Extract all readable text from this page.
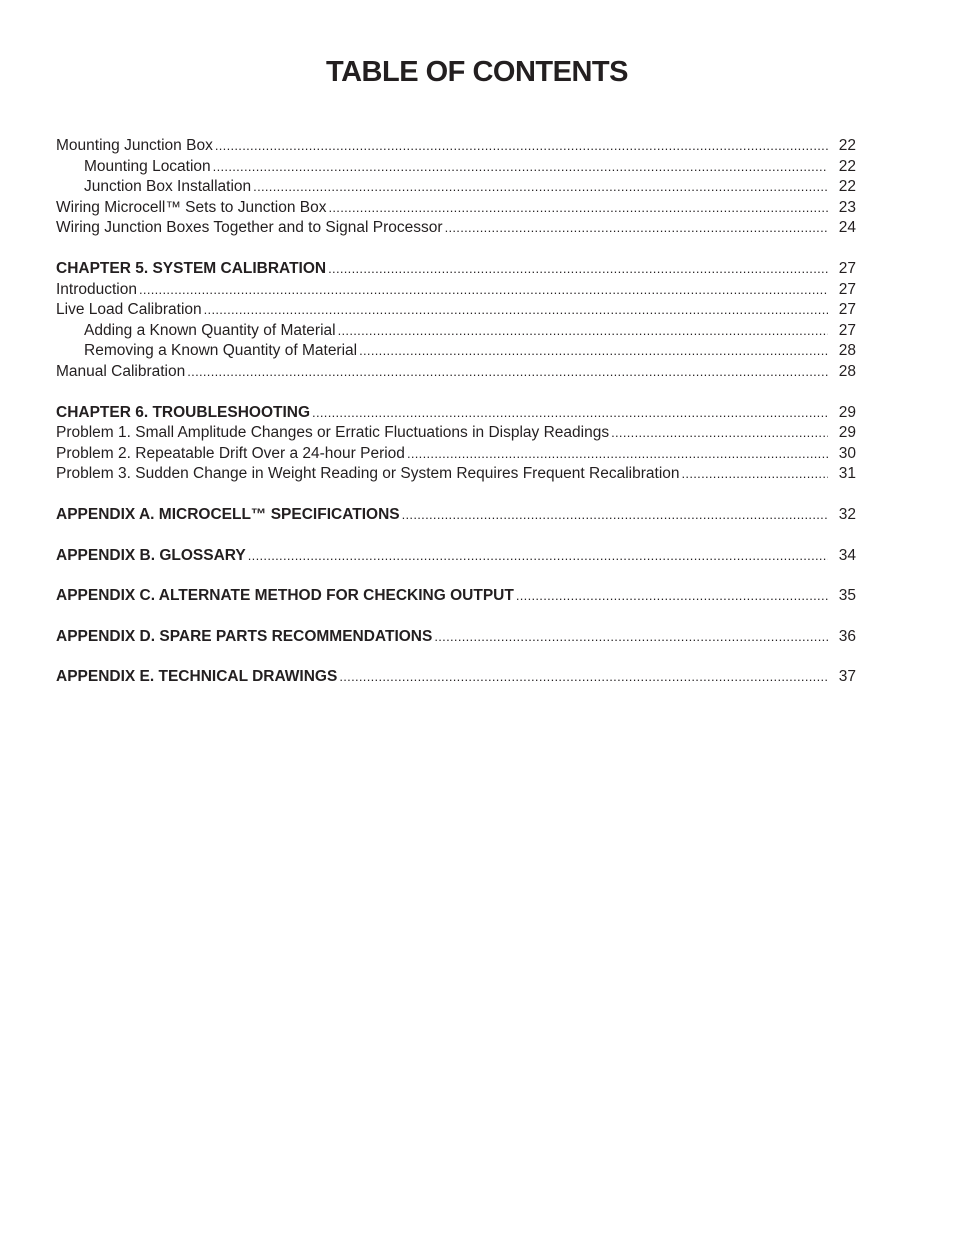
TABLE OF CONTENTS
Mounting Junction Box .....	22
Mounting Location .....	22
Junction Box Installation .....	22
Wiring Microcell™ Sets to Junction Box .....	23
Wiring Junction Boxes Together and to Signal Processor .....	24
CHAPTER 5. SYSTEM CALIBRATION .....	27
Introduction .....	27
Live Load Calibration .....	27
Adding a Known Quantity of Material .....	27
Removing a Known Quantity of Material .....	28
Manual Calibration .....	28
CHAPTER 6. TROUBLESHOOTING .....	29
Problem 1. Small Amplitude Changes or Erratic Fluctuations in Display Readings .....	29
Problem 2. Repeatable Drift Over a 24-hour Period .....	30
Problem 3. Sudden Change in Weight Reading or System Requires Frequent Recalibration .....	31
APPENDIX A. MICROCELL™ SPECIFICATIONS .....	32
APPENDIX B. GLOSSARY .....	34
APPENDIX C. ALTERNATE METHOD FOR CHECKING OUTPUT .....	35
APPENDIX D. SPARE PARTS RECOMMENDATIONS .....	36
APPENDIX E. TECHNICAL DRAWINGS .....	37
